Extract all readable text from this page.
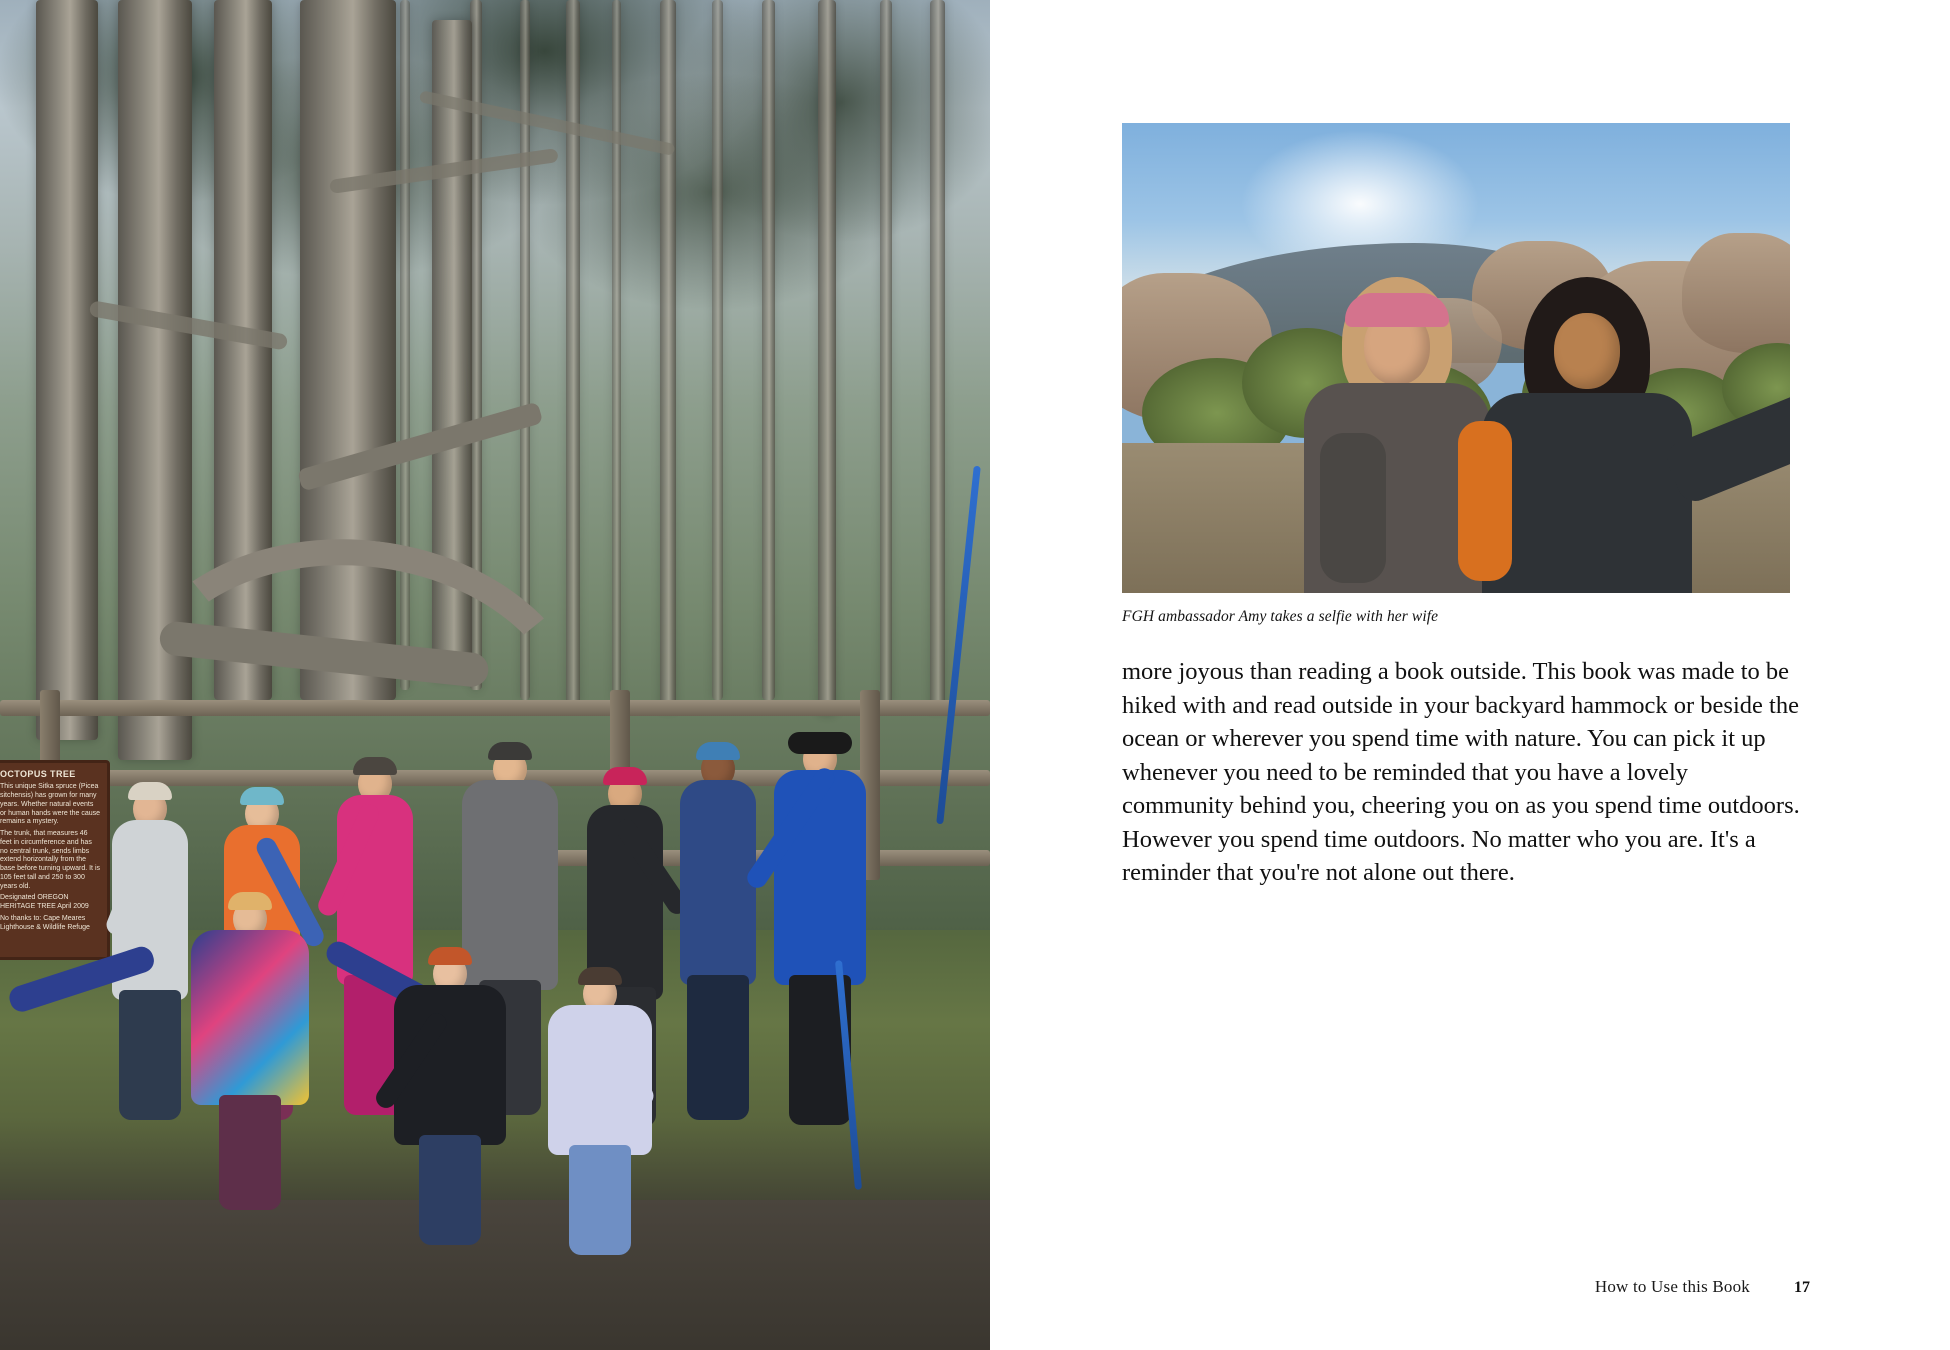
OCTOPUS TREE

This unique Sitka spruce (Picea sitchensis) has grown for many years. Whether natural events or human hands were the cause remains a mystery.

The trunk, that measures 46 feet in circumference and has no central trunk, sends limbs extend horizontally from the base before turning upward. It is 105 feet tall and 250 to 300 years old.

Designated OREGON HERITAGE TREE April 2009

No thanks to: Cape Meares Lighthouse & Wildlife Refuge

FGH ambassador Amy takes a selfie with her wife
more joyous than reading a book outside. This book was made to be hiked with and read outside in your backyard hammock or beside the ocean or wherever you spend time with nature. You can pick it up whenever you need to be reminded that you have a lovely community behind you, cheering you on as you spend time outdoors. However you spend time outdoors. No matter who you are. It's a reminder that you're not alone out there.
How to Use this Book	17
